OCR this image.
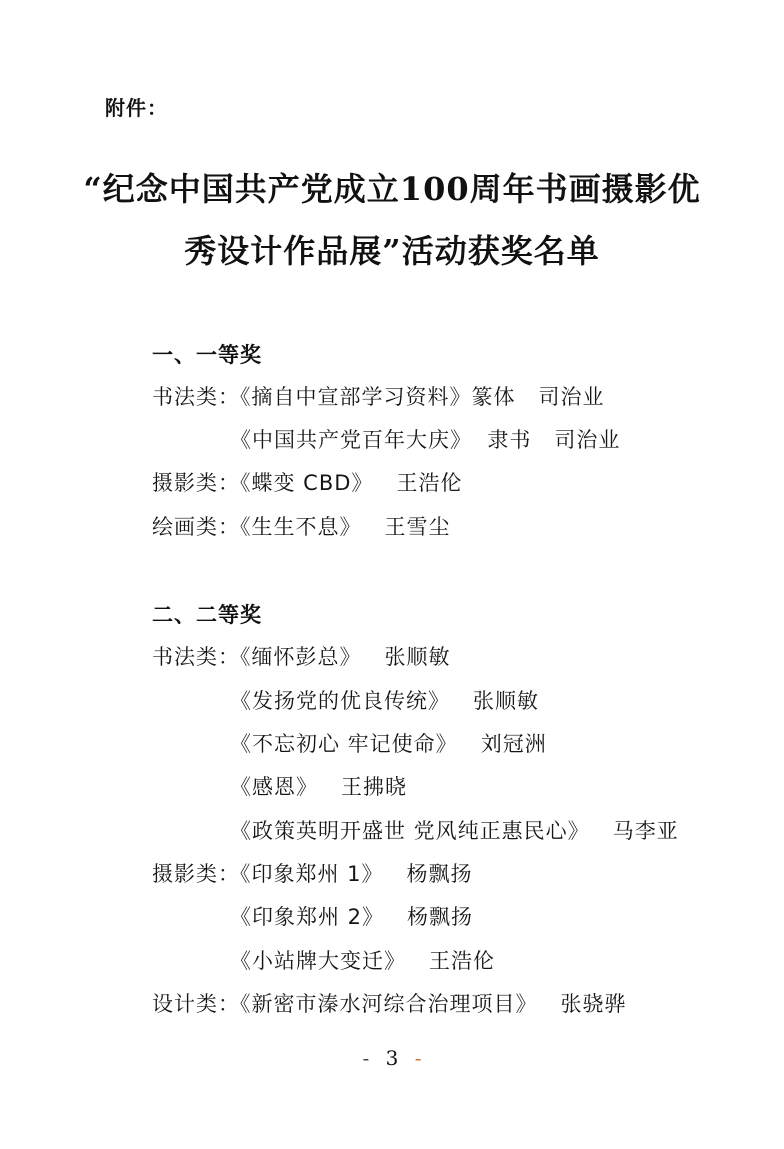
附件：
“纪念中国共产党成立100周年书画摄影优
秀设计作品展”活动获奖名单
一、一等奖
书法类：《摘自中宣部学习资料》篆体   司治业
《中国共产党百年大庆》  隶书   司治业
摄影类：《蝶变 CBD》   王浩伦
绘画类：《生生不息》   王雪尘
二、二等奖
书法类：《缅怀彭总》   张顺敏
《发扬党的优良传统》   张顺敏
《不忘初心 牢记使命》   刘冠洲
《感恩》   王拂晓
《政策英明开盛世 党风纯正惠民心》   马李亚
摄影类：《印象郑州 1》   杨飘扬
《印象郑州 2》   杨飘扬
《小站牌大变迁》   王浩伦
设计类：《新密市溱水河综合治理项目》   张骁骅
- 3 -
